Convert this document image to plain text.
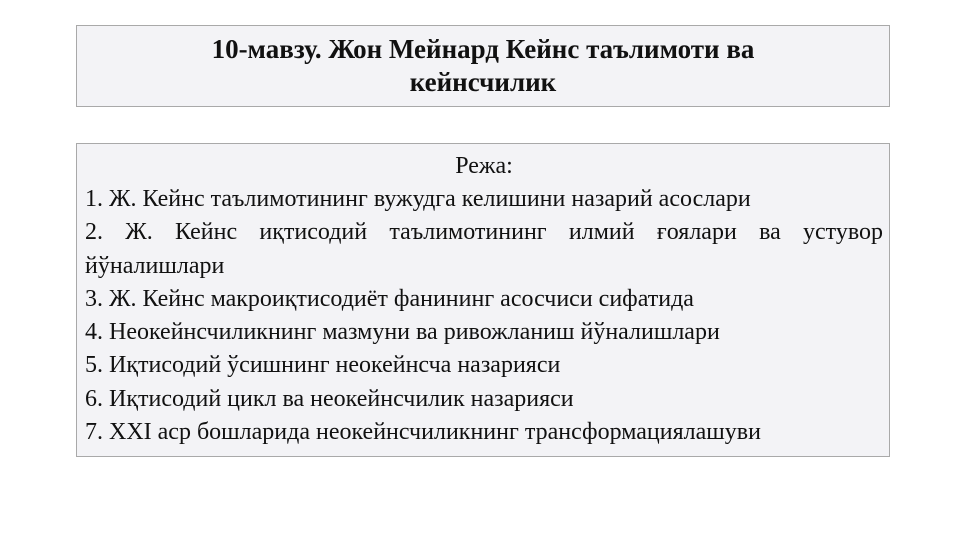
10-мавзу. Жон Мейнард Кейнс таълимоти ва кейнсчилик

Режа:

1. Ж. Кейнс таълимотининг вужудга келишини назарий асослари
2. Ж. Кейнс иқтисодий таълимотининг илмий ғоялари ва устувор йўналишлари
3. Ж. Кейнс макроиқтисодиёт фанининг асосчиси сифатида
4. Неокейнсчиликнинг мазмуни ва ривожланиш йўналишлари
5. Иқтисодий ўсишнинг неокейнсча назарияси
6. Иқтисодий цикл ва неокейнсчилик назарияси
7. XXI аср бошларида неокейнсчиликнинг трансформациялашуви
